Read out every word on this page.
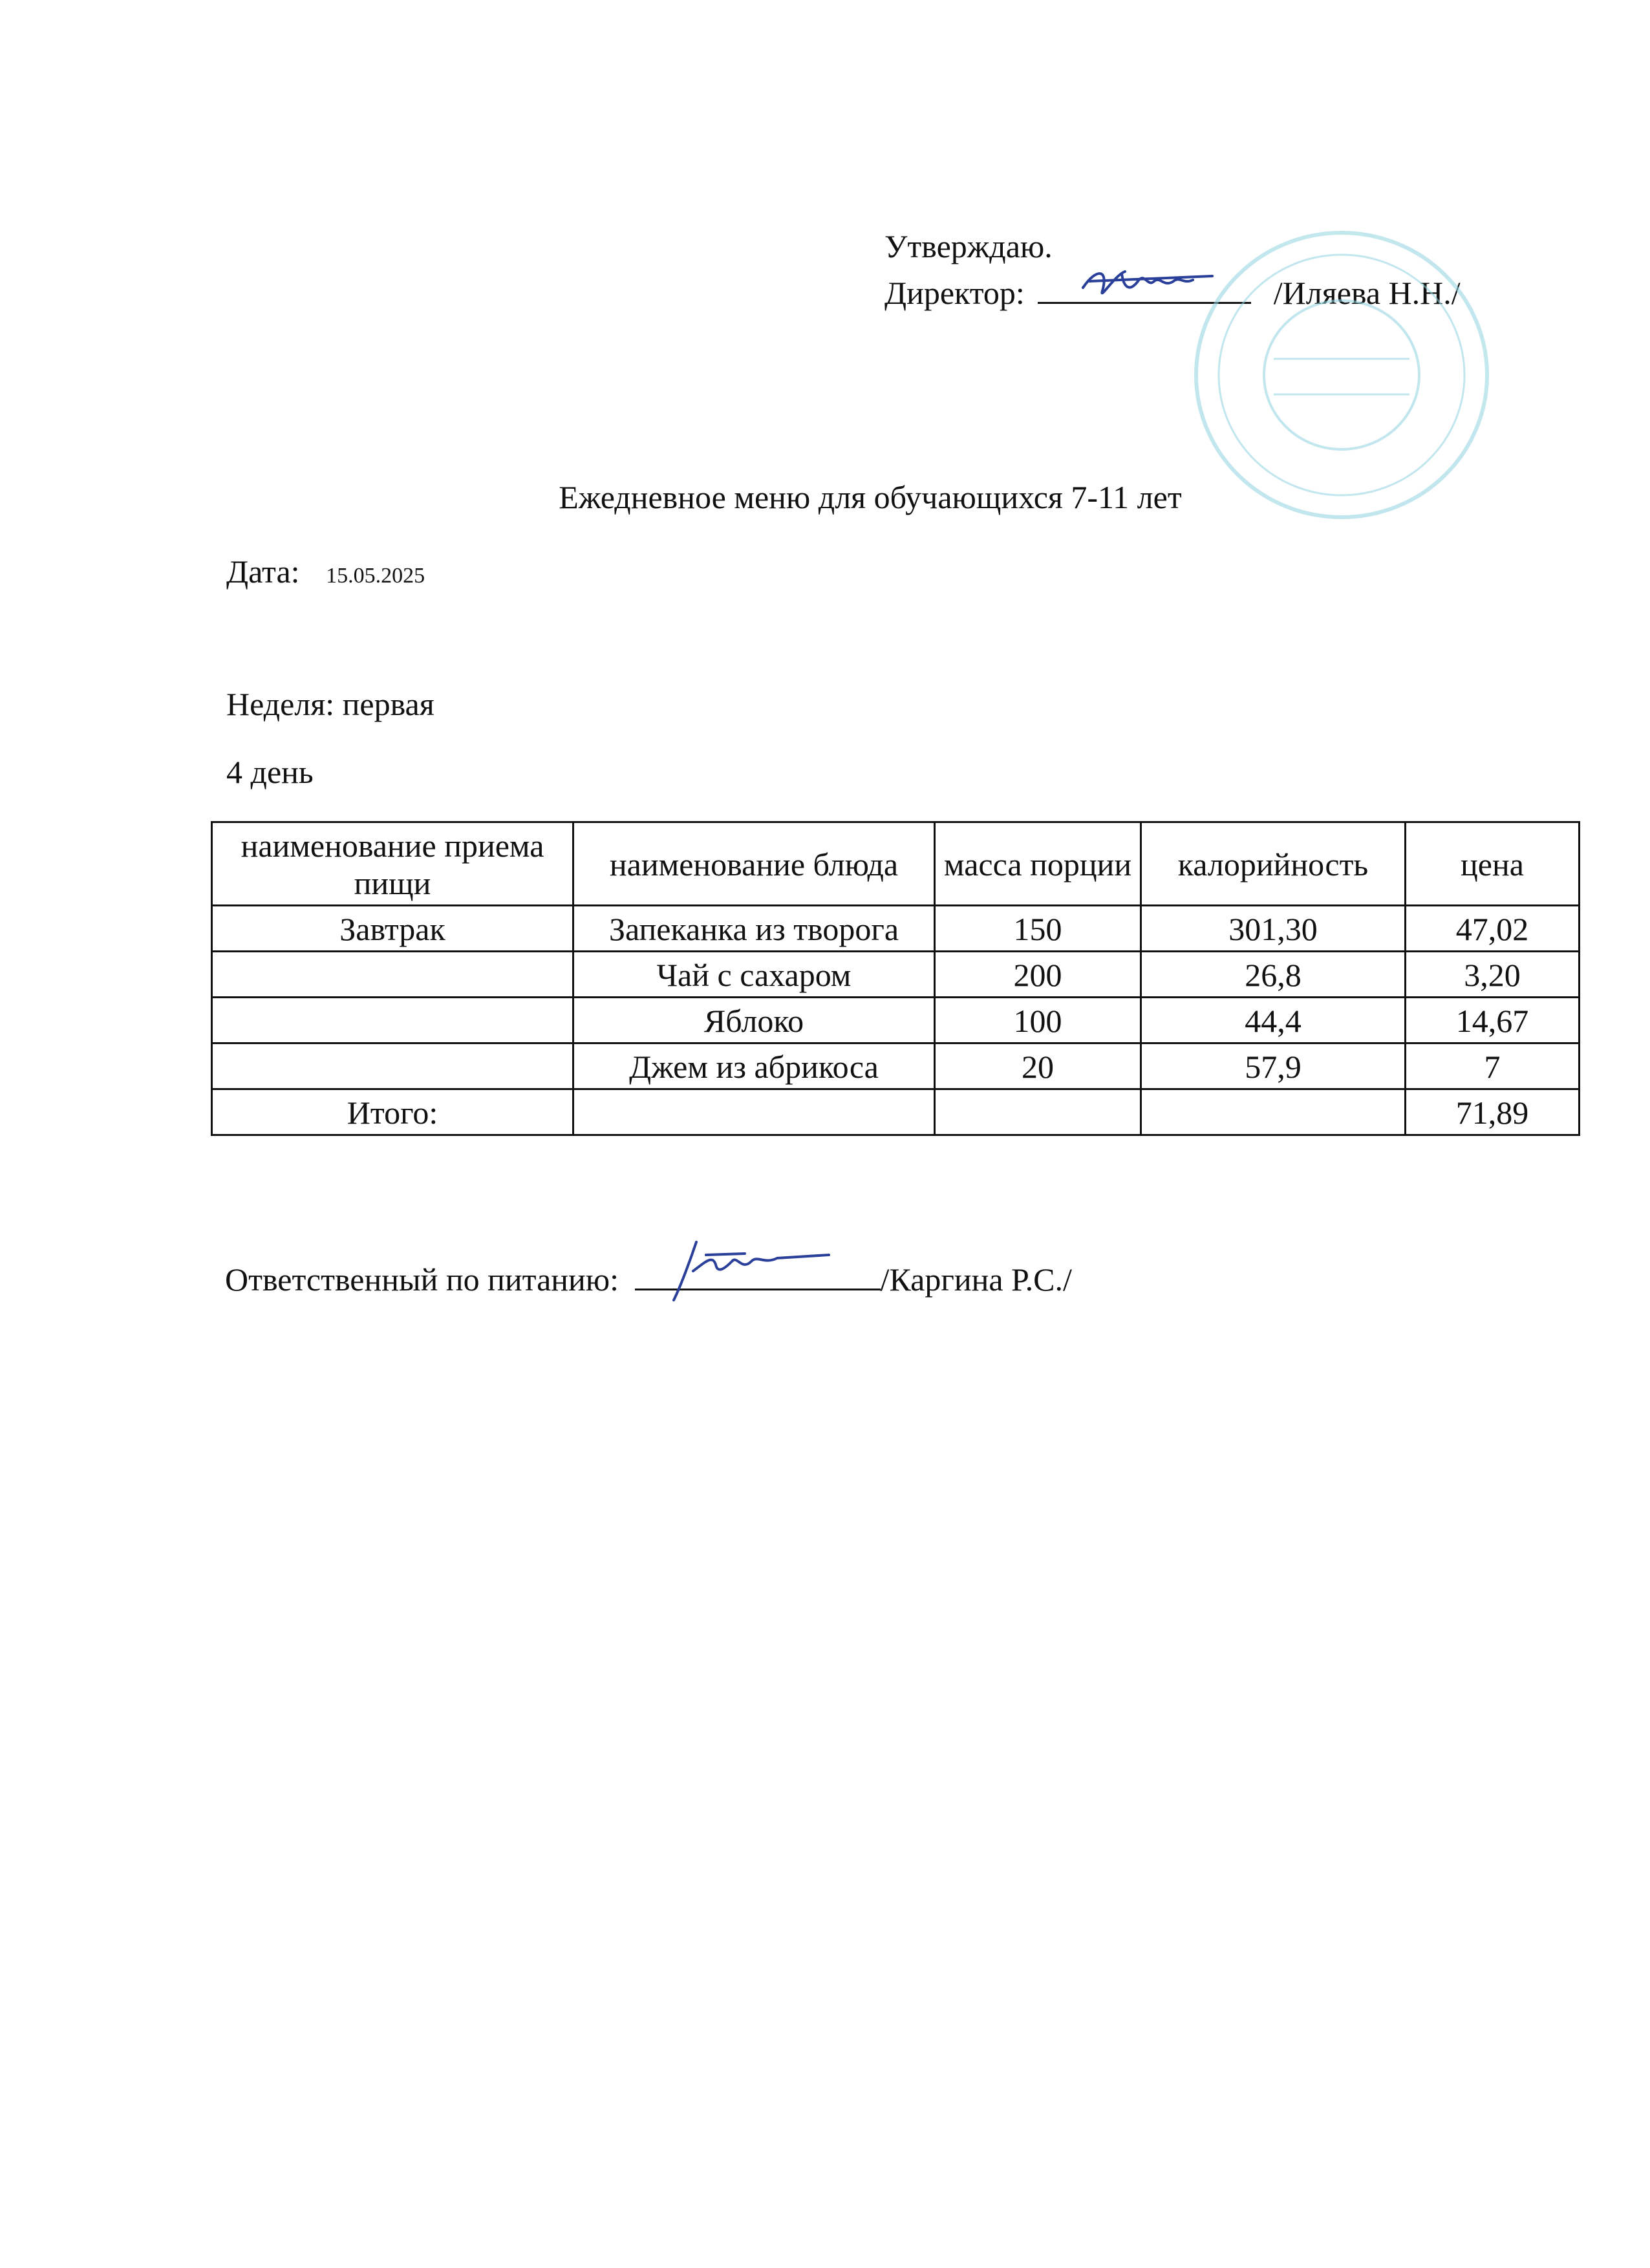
Утверждаю.
Директор:	/Иляева Н.Н./
Ежедневное меню для обучающихся 7-11 лет
Дата: 15.05.2025
Неделя: первая
4 день
наименование приема пищи	наименование блюда	масса порции	калорийность	цена
Завтрак	Запеканка из творога	150	301,30	47,02
	Чай с сахаром	200	26,8	3,20
	Яблоко	100	44,4	14,67
	Джем из абрикоса	20	57,9	7
Итого:				71,89
Ответственный по питанию:	/Каргина Р.С./
